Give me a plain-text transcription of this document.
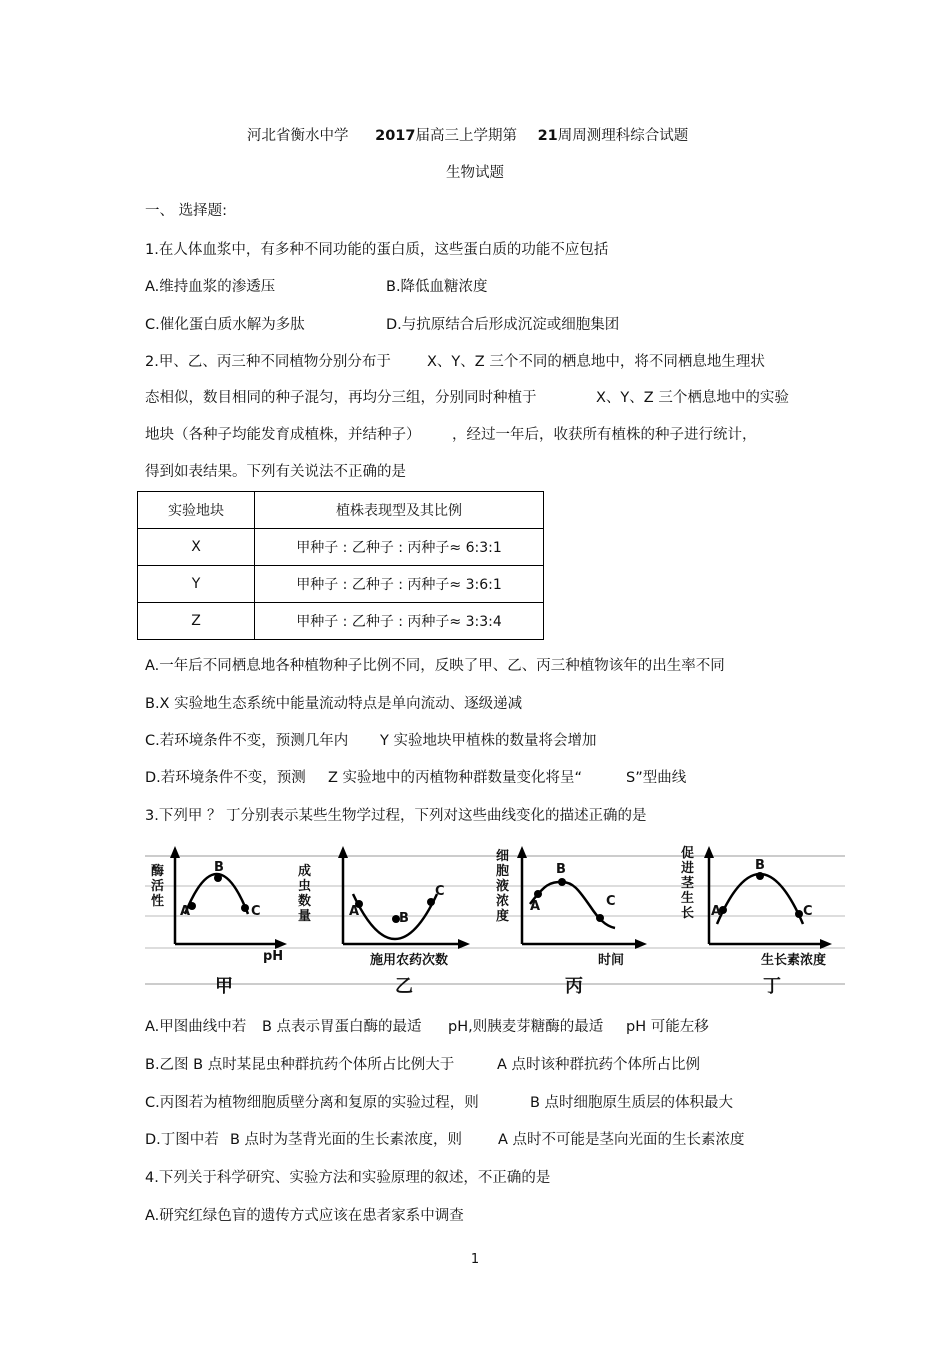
河北省衡水中学 2017届高三上学期第 21周周测理科综合试题
生物试题
一、 选择题:
1.在人体血浆中，有多种不同功能的蛋白质，这些蛋白质的功能不应包括
A.维持血浆的渗透压	B.降低血糖浓度
C.催化蛋白质水解为多肽	D.与抗原结合后形成沉淀或细胞集团
2.甲、乙、丙三种不同植物分别分布于 X、Y、Z 三个不同的栖息地中，将不同栖息地生理状
态相似，数目相同的种子混匀，再均分三组，分别同时种植于	X、Y、Z 三个栖息地中的实验
地块（各种子均能发育成植株，并结种子） ，经过一年后，收获所有植株的种子进行统计，
得到如表结果。下列有关说法不正确的是
实验地块	植株表现型及其比例
X	甲种子 : 乙种子 : 丙种子≈ 6:3:1
Y	甲种子 : 乙种子 : 丙种子≈ 3:6:1
Z	甲种子 : 乙种子 : 丙种子≈ 3:3:4
A.一年后不同栖息地各种植物种子比例不同，反映了甲、乙、丙三种植物该年的出生率不同
B.X 实验地生态系统中能量流动特点是单向流动、逐级递减
C.若环境条件不变，预测几年内 Y 实验地块甲植株的数量将会增加
D.若环境条件不变，预测 Z 实验地中的丙植物种群数量变化将呈“	S”型曲线
3.下列甲 ？ 丁分别表示某些生物学过程，下列对这些曲线变化的描述正确的是
酶活性
A
B
C
pH
甲
成虫数量	A	B
C
施用农药次数
乙
细胞液浓度
A
B
C
时间
丙
促进茎生长 A
B
C
生长素浓度
丁
A.甲图曲线中若 B 点表示胃蛋白酶的最适 pH,则胰麦芽糖酶的最适 pH 可能左移
B.乙图 B 点时某昆虫种群抗药个体所占比例大于	A 点时该种群抗药个体所占比例
C.丙图若为植物细胞质壁分离和复原的实验过程，则	B 点时细胞原生质层的体积最大
D.丁图中若 B 点时为茎背光面的生长素浓度，则 A 点时不可能是茎向光面的生长素浓度
4.下列关于科学研究、实验方法和实验原理的叙述，不正确的是
A.研究红绿色盲的遗传方式应该在患者家系中调查
1
